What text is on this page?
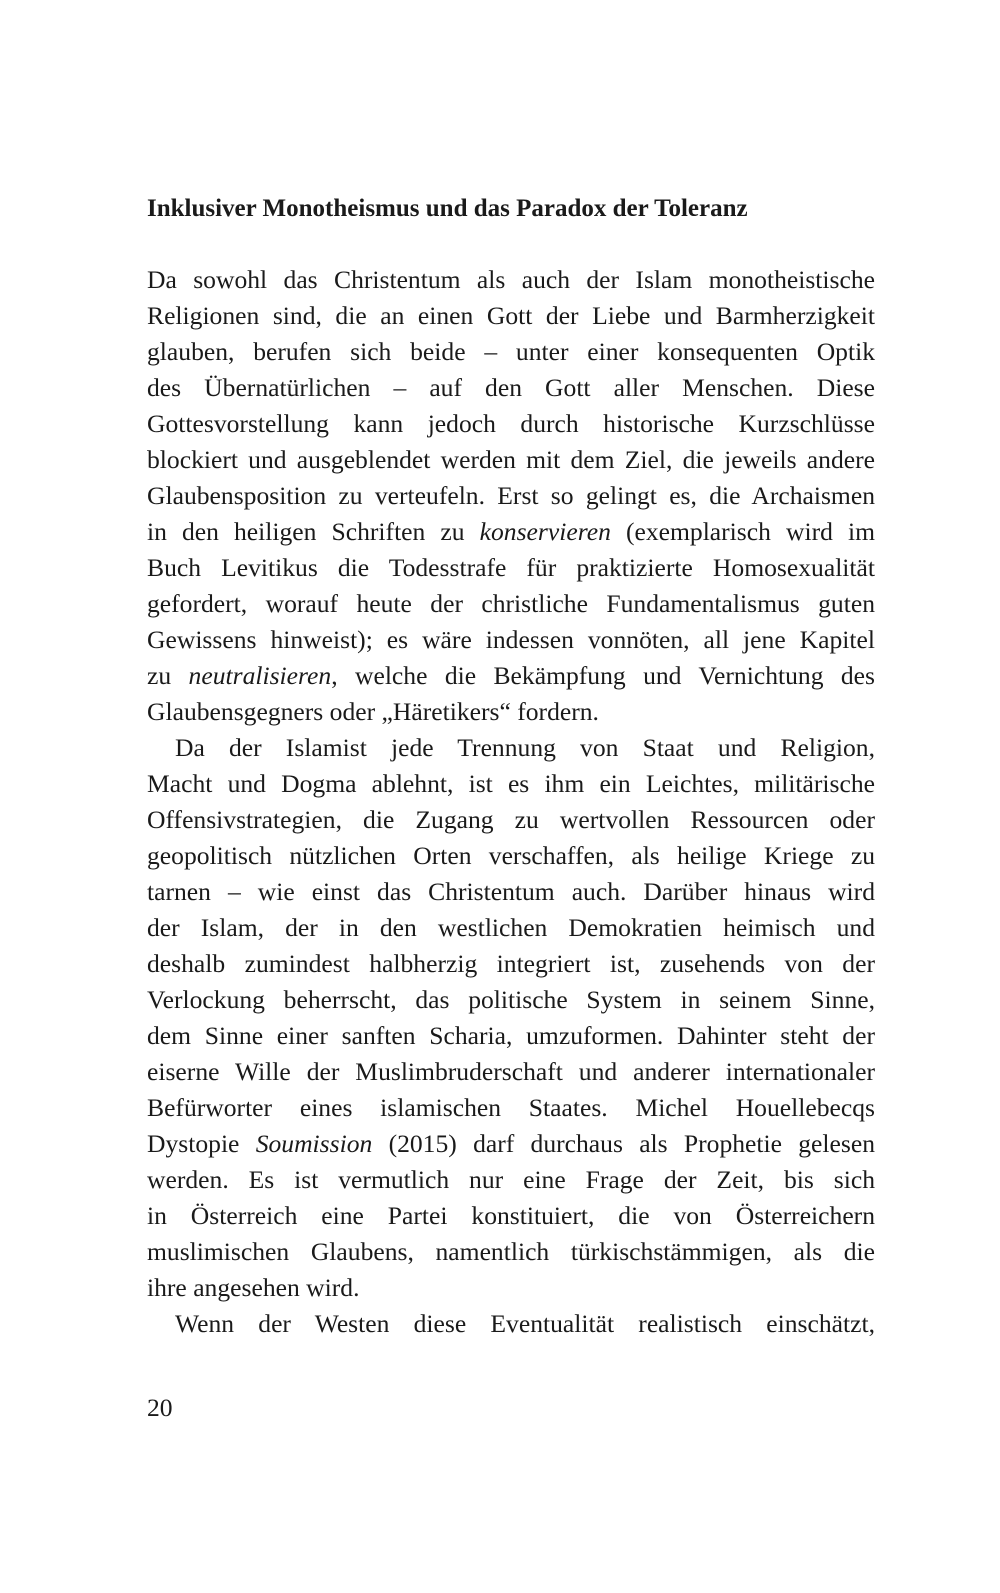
Inklusiver Monotheismus und das Paradox der Toleranz
Da sowohl das Christentum als auch der Islam monotheistische
Religionen sind, die an einen Gott der Liebe und Barmherzigkeit
glauben, berufen sich beide – unter einer konsequenten Optik
des Übernatürlichen – auf den Gott aller Menschen. Diese
Gottesvorstellung kann jedoch durch historische Kurzschlüsse
blockiert und ausgeblendet werden mit dem Ziel, die jeweils andere
Glaubensposition zu verteufeln. Erst so gelingt es, die Archaismen
in den heiligen Schriften zu konservieren (exemplarisch wird im
Buch Levitikus die Todesstrafe für praktizierte Homosexualität
gefordert, worauf heute der christliche Fundamentalismus guten
Gewissens hinweist); es wäre indessen vonnöten, all jene Kapitel
zu neutralisieren, welche die Bekämpfung und Vernichtung des
Glaubensgegners oder „Häretikers“ fordern.
Da der Islamist jede Trennung von Staat und Religion,
Macht und Dogma ablehnt, ist es ihm ein Leichtes, militärische
Offensivstrategien, die Zugang zu wertvollen Ressourcen oder
geopolitisch nützlichen Orten verschaffen, als heilige Kriege zu
tarnen – wie einst das Christentum auch. Darüber hinaus wird
der Islam, der in den westlichen Demokratien heimisch und
deshalb zumindest halbherzig integriert ist, zusehends von der
Verlockung beherrscht, das politische System in seinem Sinne,
dem Sinne einer sanften Scharia, umzuformen. Dahinter steht der
eiserne Wille der Muslimbruderschaft und anderer internationaler
Befürworter eines islamischen Staates. Michel Houellebecqs
Dystopie Soumission (2015) darf durchaus als Prophetie gelesen
werden. Es ist vermutlich nur eine Frage der Zeit, bis sich
in Österreich eine Partei konstituiert, die von Österreichern
muslimischen Glaubens, namentlich türkischstämmigen, als die
ihre angesehen wird.
Wenn der Westen diese Eventualität realistisch einschätzt,
20
